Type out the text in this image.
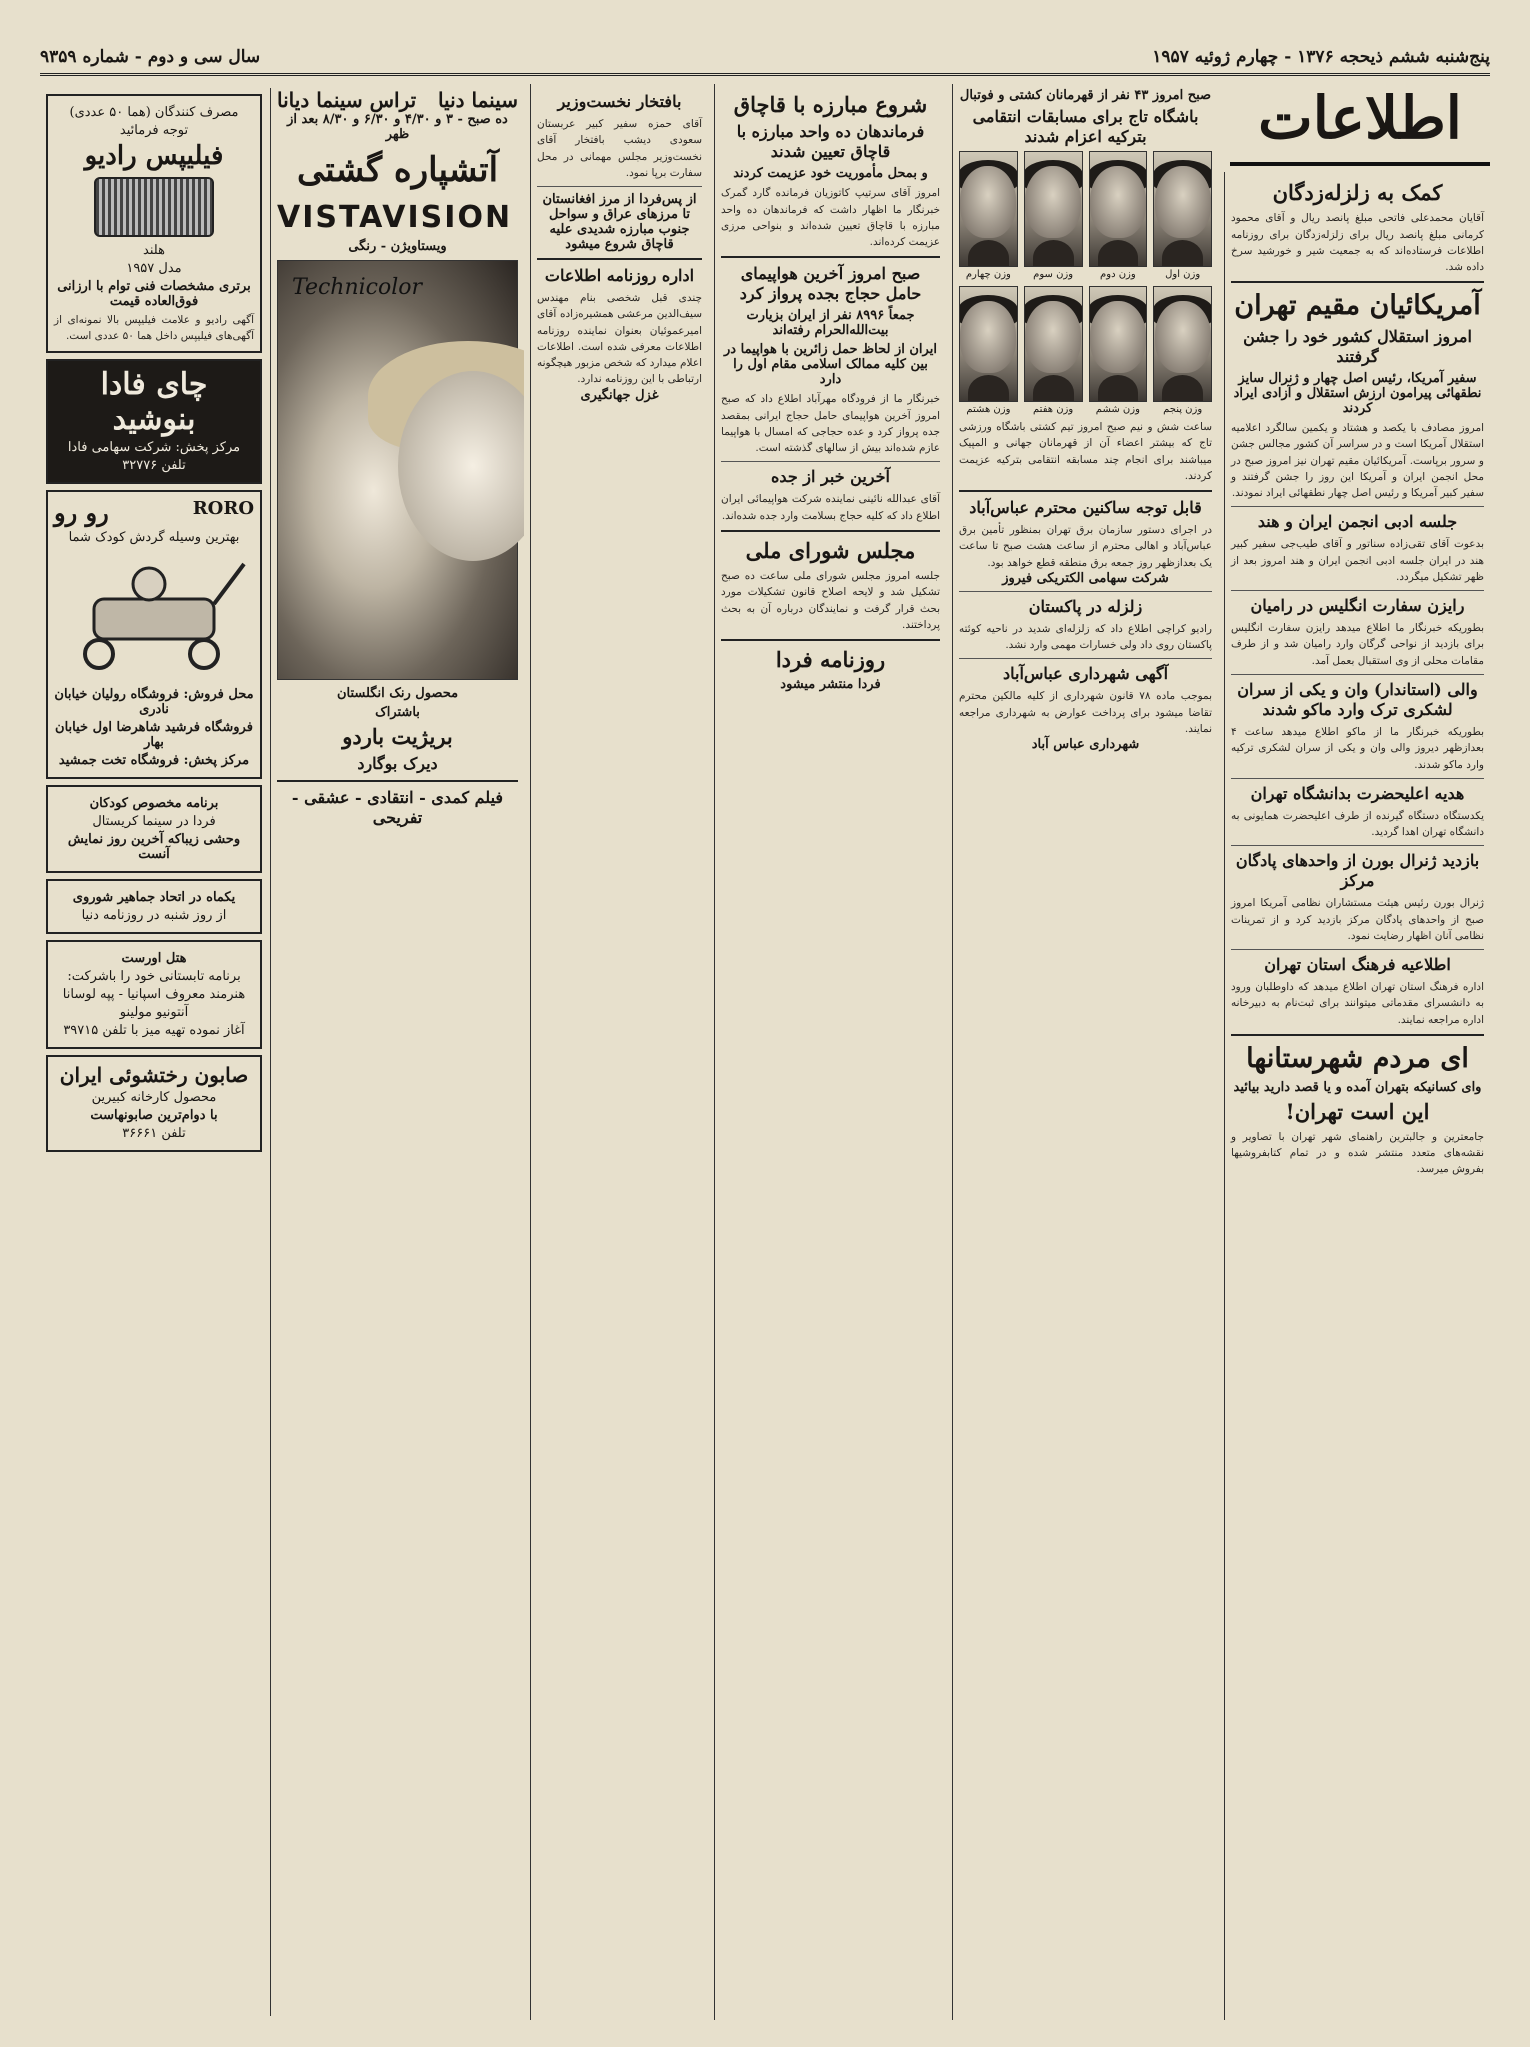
پنج‌شنبه ششم ذیحجه ۱۳۷۶ - چهارم ژوئیه ۱۹۵۷
سال سی و دوم - شماره ۹۳۵۹
اطلاعات
کمک به زلزله‌زدگان
آقایان محمدعلی فاتحی مبلغ پانصد ریال و آقای محمود کرمانی مبلغ پانصد ریال برای زلزله‌زدگان برای روزنامه اطلاعات فرستاده‌اند که به جمعیت شیر و خورشید سرخ داده شد.
آمریکائیان مقیم تهران
امروز استقلال کشور خود را جشن گرفتند
سفیر آمریکا، رئیس اصل چهار و ژنرال سایز نطقهائی پیرامون ارزش استقلال و آزادی ایراد کردند
امروز مصادف با یکصد و هشتاد و یکمین سالگرد اعلامیه استقلال آمریکا است و در سراسر آن کشور مجالس جشن و سرور برپاست. آمریکائیان مقیم تهران نیز امروز صبح در محل انجمن ایران و آمریکا این روز را جشن گرفتند و سفیر کبیر آمریکا و رئیس اصل چهار نطقهائی ایراد نمودند.
جلسه ادبی انجمن ایران و هند
بدعوت آقای تقی‌زاده سناتور و آقای طیب‌جی سفیر کبیر هند در ایران جلسه ادبی انجمن ایران و هند امروز بعد از ظهر تشکیل میگردد.
رایزن سفارت انگلیس در رامیان
بطوریکه خبرنگار ما اطلاع میدهد رایزن سفارت انگلیس برای بازدید از نواحی گرگان وارد رامیان شد و از طرف مقامات محلی از وی استقبال بعمل آمد.
والی (استاندار) وان و یکی از سران لشکری ترک وارد ماکو شدند
بطوریکه خبرنگار ما از ماکو اطلاع میدهد ساعت ۴ بعدازظهر دیروز والی وان و یکی از سران لشکری ترکیه وارد ماکو شدند.
هدیه اعلیحضرت بدانشگاه تهران
یکدستگاه دستگاه گیرنده از طرف اعلیحضرت همایونی به دانشگاه تهران اهدا گردید.
بازدید ژنرال بورن از واحدهای پادگان مرکز
ژنرال بورن رئیس هیئت مستشاران نظامی آمریکا امروز صبح از واحدهای پادگان مرکز بازدید کرد و از تمرینات نظامی آنان اظهار رضایت نمود.
اطلاعیه فرهنگ استان تهران
اداره فرهنگ استان تهران اطلاع میدهد که داوطلبان ورود به دانشسرای مقدماتی میتوانند برای ثبت‌نام به دبیرخانه اداره مراجعه نمایند.
ای مردم شهرستانها
وای کسانیکه بتهران آمده و یا قصد دارید بیائید
این است تهران!
جامعترین و جالبترین راهنمای شهر تهران با تصاویر و نقشه‌های متعدد منتشر شده و در تمام کتابفروشیها بفروش میرسد.
صبح امروز ۴۳ نفر از قهرمانان کشتی و فوتبال
باشگاه تاج برای مسابقات انتقامی بترکیه اعزام شدند
وزن اول
وزن دوم
وزن سوم
وزن چهارم
وزن پنجم
وزن ششم
وزن هفتم
وزن هشتم
ساعت شش و نیم صبح امروز تیم کشتی باشگاه ورزشی تاج که بیشتر اعضاء آن از قهرمانان جهانی و المپیک میباشند برای انجام چند مسابقه انتقامی بترکیه عزیمت کردند.
قابل توجه ساکنین محترم عباس‌آباد
در اجرای دستور سازمان برق تهران بمنظور تأمین برق عباس‌آباد و اهالی محترم از ساعت هشت صبح تا ساعت یک بعدازظهر روز جمعه برق منطقه قطع خواهد بود.
شرکت سهامی الکتریکی فیروز
زلزله در پاکستان
رادیو کراچی اطلاع داد که زلزله‌ای شدید در ناحیه کوئته پاکستان روی داد ولی خسارات مهمی وارد نشد.
آگهی شهرداری عباس‌آباد
بموجب ماده ۷۸ قانون شهرداری از کلیه مالکین محترم تقاضا میشود برای پرداخت عوارض به شهرداری مراجعه نمایند.
شهرداری عباس آباد
شروع مبارزه با قاچاق
فرماندهان ده واحد مبارزه با قاچاق تعیین شدند
و بمحل مأموریت خود عزیمت کردند
امروز آقای سرتیپ کاتوزیان فرمانده گارد گمرک خبرنگار ما اظهار داشت که فرماندهان ده واحد مبارزه با قاچاق تعیین شده‌اند و بنواحی مرزی عزیمت کرده‌اند.
صبح امروز آخرین هواپیمای حامل حجاج بجده پرواز کرد
جمعاً ۸۹۹۶ نفر از ایران بزیارت بیت‌الله‌الحرام رفته‌اند
ایران از لحاظ حمل زائرین با هواپیما در بین کلیه ممالک اسلامی مقام اول را دارد
خبرنگار ما از فرودگاه مهرآباد اطلاع داد که صبح امروز آخرین هواپیمای حامل حجاج ایرانی بمقصد جده پرواز کرد و عده حجاجی که امسال با هواپیما عازم شده‌اند بیش از سالهای گذشته است.
آخرین خبر از جده
آقای عبدالله نائینی نماینده شرکت هواپیمائی ایران اطلاع داد که کلیه حجاج بسلامت وارد جده شده‌اند.
مجلس شورای ملی
جلسه امروز مجلس شورای ملی ساعت ده صبح تشکیل شد و لایحه اصلاح قانون تشکیلات مورد بحث قرار گرفت و نمایندگان درباره آن به بحث پرداختند.
روزنامه فردا
فردا منتشر میشود
بافتخار نخست‌وزیر
آقای حمزه سفیر کبیر عربستان سعودی دیشب بافتخار آقای نخست‌وزیر مجلس مهمانی در محل سفارت برپا نمود.
از پس‌فردا از مرز افغانستان تا مرزهای عراق و سواحل جنوب مبارزه شدیدی علیه قاچاق شروع میشود
اداره روزنامه اطلاعات
چندی قبل شخصی بنام مهندس سیف‌الدین مرعشی همشیره‌زاده آقای امیرعموئیان بعنوان نماینده روزنامه اطلاعات معرفی شده است. اطلاعات اعلام میدارد که شخص مزبور هیچگونه ارتباطی با این روزنامه ندارد.
غزل جهانگیری
سینما دنیا
تراس سینما دیانا
ده صبح - ۳ و ۴/۳۰ و ۶/۳۰ و ۸/۳۰ بعد از ظهر
آتشپاره گشتی
VISTAVISION
ویستاویژن - رنگی
Technicolor
محصول رنک انگلستان
باشتراک
بریژیت باردو
دیرک بوگارد
فیلم کمدی - انتقادی - عشقی - تفریحی
مصرف کنندگان (هما ۵۰ عددی)
توجه فرمائید
فیلیپس رادیو
هلند
مدل ۱۹۵۷
برتری مشخصات فنی توام با ارزانی فوق‌العاده قیمت
آگهی رادیو و علامت فیلیپس بالا نمونه‌ای از آگهی‌های فیلیپس داخل هما ۵۰ عددی است.
چای فادا بنوشید
مرکز پخش: شرکت سهامی فادا
تلفن ۳۲۷۷۶
RORO
رو رو
بهترین وسیله گردش کودک شما
محل فروش: فروشگاه رولیان خیابان نادری
فروشگاه فرشید شاهرضا اول خیابان بهار
مرکز پخش: فروشگاه تخت جمشید
برنامه مخصوص کودکان
فردا در سینما کریستال
وحشی زیباکه آخرین روز نمایش آنست
یکماه در اتحاد جماهیر شوروی
از روز شنبه در روزنامه دنیا
هتل اورست
برنامه تابستانی خود را باشرکت:
هنرمند معروف اسپانیا - پپه لوسانا
آنتونیو مولینو
آغاز نموده تهیه میز با تلفن ۳۹۷۱۵
صابون رختشوئی ایران
محصول کارخانه کبیرین
با دوام‌ترین صابونهاست
تلفن ۳۶۶۶۱
